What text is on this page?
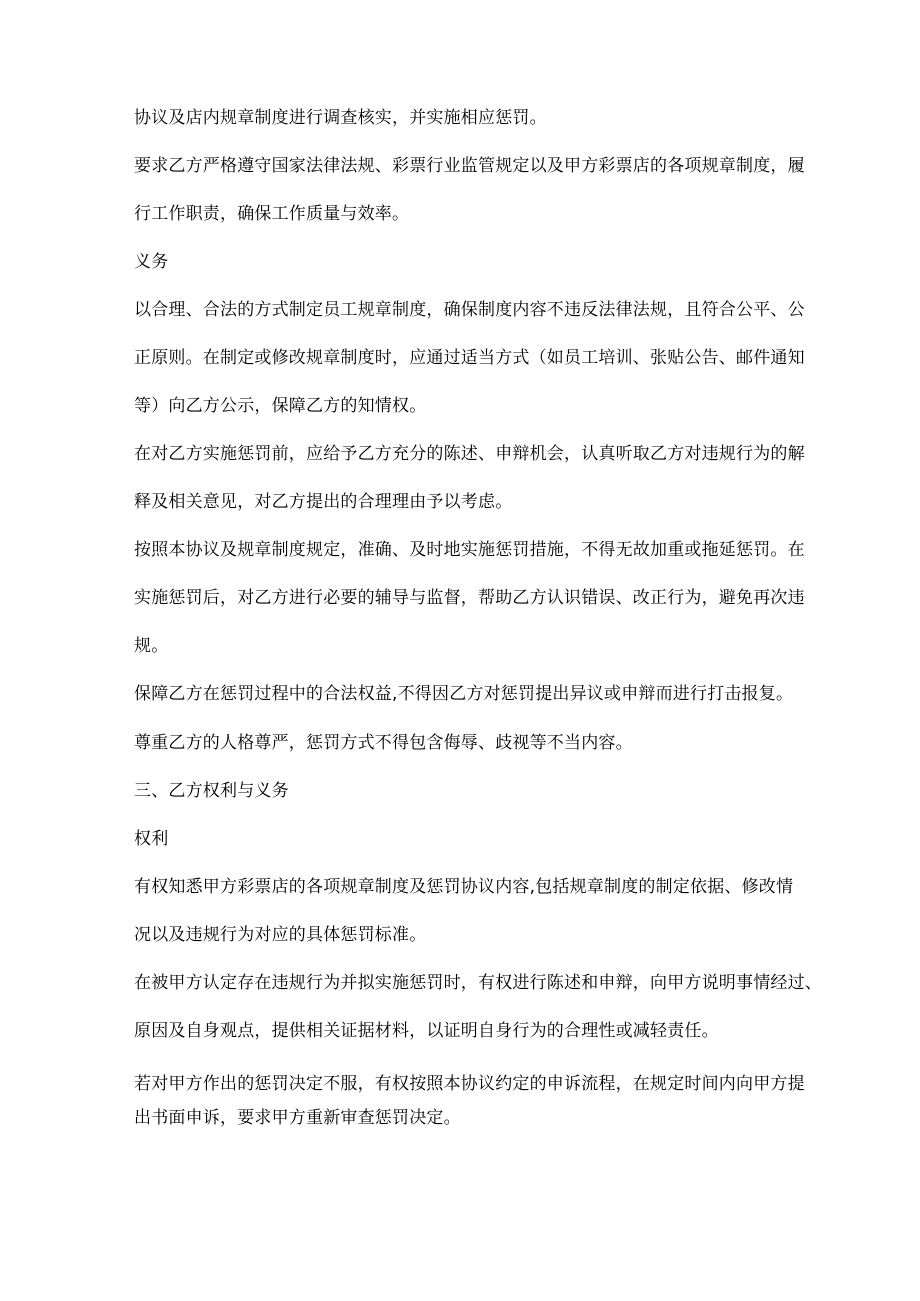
协议及店内规章制度进行调查核实，并实施相应惩罚。
要求乙方严格遵守国家法律法规、彩票行业监管规定以及甲方彩票店的各项规章制度，履
行工作职责，确保工作质量与效率。
义务
以合理、合法的方式制定员工规章制度，确保制度内容不违反法律法规，且符合公平、公
正原则。在制定或修改规章制度时，应通过适当方式（如员工培训、张贴公告、邮件通知
等）向乙方公示，保障乙方的知情权。
在对乙方实施惩罚前，应给予乙方充分的陈述、申辩机会，认真听取乙方对违规行为的解
释及相关意见，对乙方提出的合理理由予以考虑。
按照本协议及规章制度规定，准确、及时地实施惩罚措施，不得无故加重或拖延惩罚。在
实施惩罚后，对乙方进行必要的辅导与监督，帮助乙方认识错误、改正行为，避免再次违
规。
保障乙方在惩罚过程中的合法权益,不得因乙方对惩罚提出异议或申辩而进行打击报复。
尊重乙方的人格尊严，惩罚方式不得包含侮辱、歧视等不当内容。
三、乙方权利与义务
权利
有权知悉甲方彩票店的各项规章制度及惩罚协议内容,包括规章制度的制定依据、修改情
况以及违规行为对应的具体惩罚标准。
在被甲方认定存在违规行为并拟实施惩罚时，有权进行陈述和申辩，向甲方说明事情经过、
原因及自身观点，提供相关证据材料，以证明自身行为的合理性或减轻责任。
若对甲方作出的惩罚决定不服，有权按照本协议约定的申诉流程，在规定时间内向甲方提
出书面申诉，要求甲方重新审查惩罚决定。
